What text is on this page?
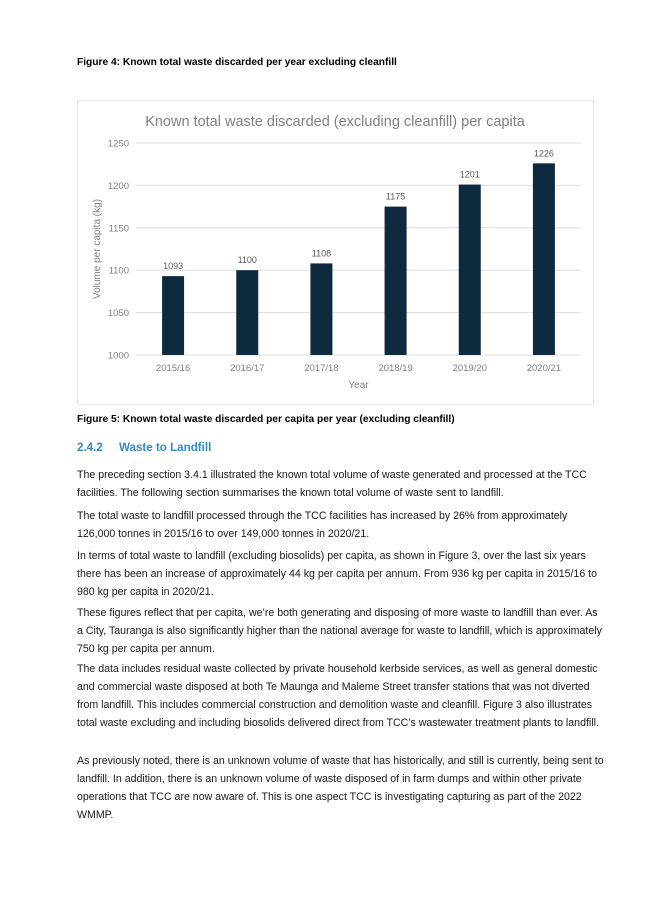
Figure 4: Known total waste discarded per year excluding cleanfill
Known total waste discarded (excluding cleanfill) per capita
1000
1050
1100
1150
1200
1250
Volume per capita (kg)	1093
2015/16
1100
2016/17
1108
2017/18
1175
2018/19
1201
2019/20
1226
2020/21
Year
Figure 5: Known total waste discarded per capita per year (excluding cleanfill)
2.4.2 Waste to Landfill
The preceding section 3.4.1 illustrated the known total volume of waste generated and processed at the TCC facilities. The following section summarises the known total volume of waste sent to landfill.
The total waste to landfill processed through the TCC facilities has increased by 26% from approximately 126,000 tonnes in 2015/16 to over 149,000 tonnes in 2020/21.
In terms of total waste to landfill (excluding biosolids) per capita, as shown in Figure 3, over the last six years there has been an increase of approximately 44 kg per capita per annum. From 936 kg per capita in 2015/16 to 980 kg per capita in 2020/21.
These figures reflect that per capita, we’re both generating and disposing of more waste to landfill than ever. As a City, Tauranga is also significantly higher than the national average for waste to landfill, which is approximately 750 kg per capita per annum.
The data includes residual waste collected by private household kerbside services, as well as general domestic and commercial waste disposed at both Te Maunga and Maleme Street transfer stations that was not diverted from landfill. This includes commercial construction and demolition waste and cleanfill. Figure 3 also illustrates total waste excluding and including biosolids delivered direct from TCC’s wastewater treatment plants to landfill.
As previously noted, there is an unknown volume of waste that has historically, and still is currently, being sent to landfill. In addition, there is an unknown volume of waste disposed of in farm dumps and within other private operations that TCC are now aware of. This is one aspect TCC is investigating capturing as part of the 2022 WMMP.
